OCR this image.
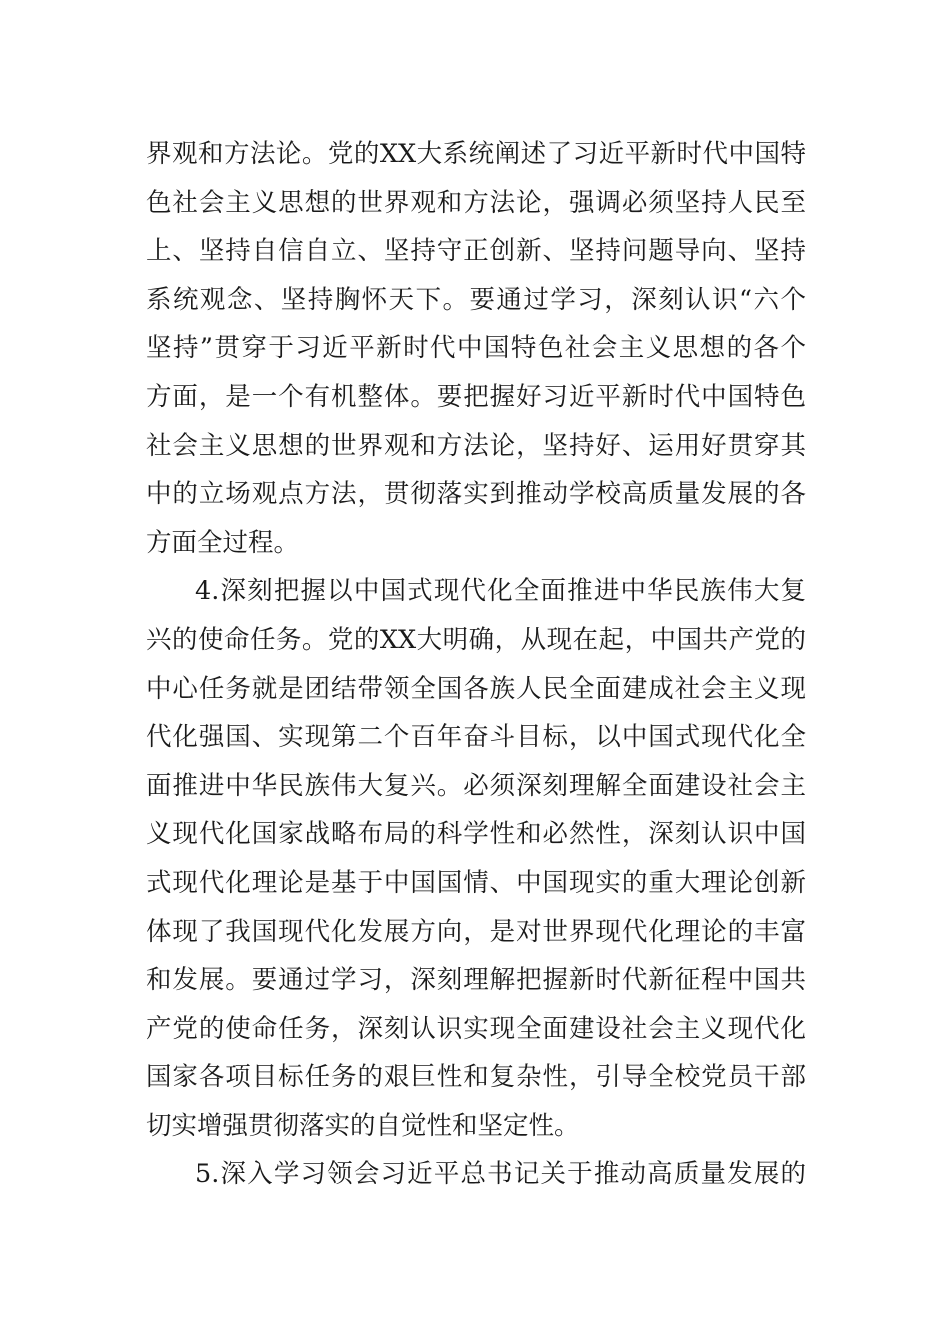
界观和方法论。党的XX大系统阐述了习近平新时代中国特
色社会主义思想的世界观和方法论，强调必须坚持人民至
上、坚持自信自立、坚持守正创新、坚持问题导向、坚持
系统观念、坚持胸怀天下。要通过学习，深刻认识“六个
坚持”贯穿于习近平新时代中国特色社会主义思想的各个
方面，是一个有机整体。要把握好习近平新时代中国特色
社会主义思想的世界观和方法论，坚持好、运用好贯穿其
中的立场观点方法，贯彻落实到推动学校高质量发展的各
方面全过程。
4.深刻把握以中国式现代化全面推进中华民族伟大复
兴的使命任务。党的XX大明确，从现在起，中国共产党的
中心任务就是团结带领全国各族人民全面建成社会主义现
代化强国、实现第二个百年奋斗目标，以中国式现代化全
面推进中华民族伟大复兴。必须深刻理解全面建设社会主
义现代化国家战略布局的科学性和必然性，深刻认识中国
式现代化理论是基于中国国情、中国现实的重大理论创新
体现了我国现代化发展方向，是对世界现代化理论的丰富
和发展。要通过学习，深刻理解把握新时代新征程中国共
产党的使命任务，深刻认识实现全面建设社会主义现代化
国家各项目标任务的艰巨性和复杂性，引导全校党员干部
切实增强贯彻落实的自觉性和坚定性。
5.深入学习领会习近平总书记关于推动高质量发展的
